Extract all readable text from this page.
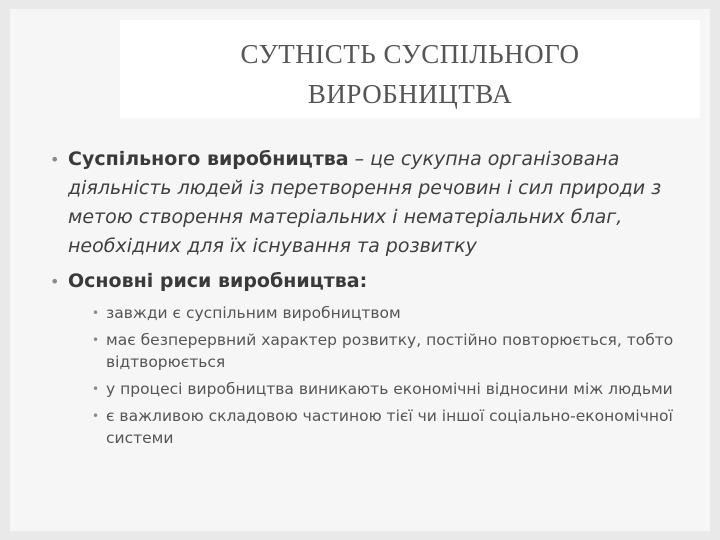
СУТНІСТЬ СУСПІЛЬНОГО
ВИРОБНИЦТВА
• Суспільного виробництва – це сукупна організована діяльність людей із перетворення речовин і сил природи з метою створення матеріальних і нематеріальних благ, необхідних для їх існування та розвитку
• Основні риси виробництва:
• завжди є суспільним виробництвом
• має безперервний характер розвитку, постійно повторюється, тобто відтворюється
• у процесі виробництва виникають економічні відносини між людьми
• є важливою складовою частиною тієї чи іншої соціально-економічної системи
